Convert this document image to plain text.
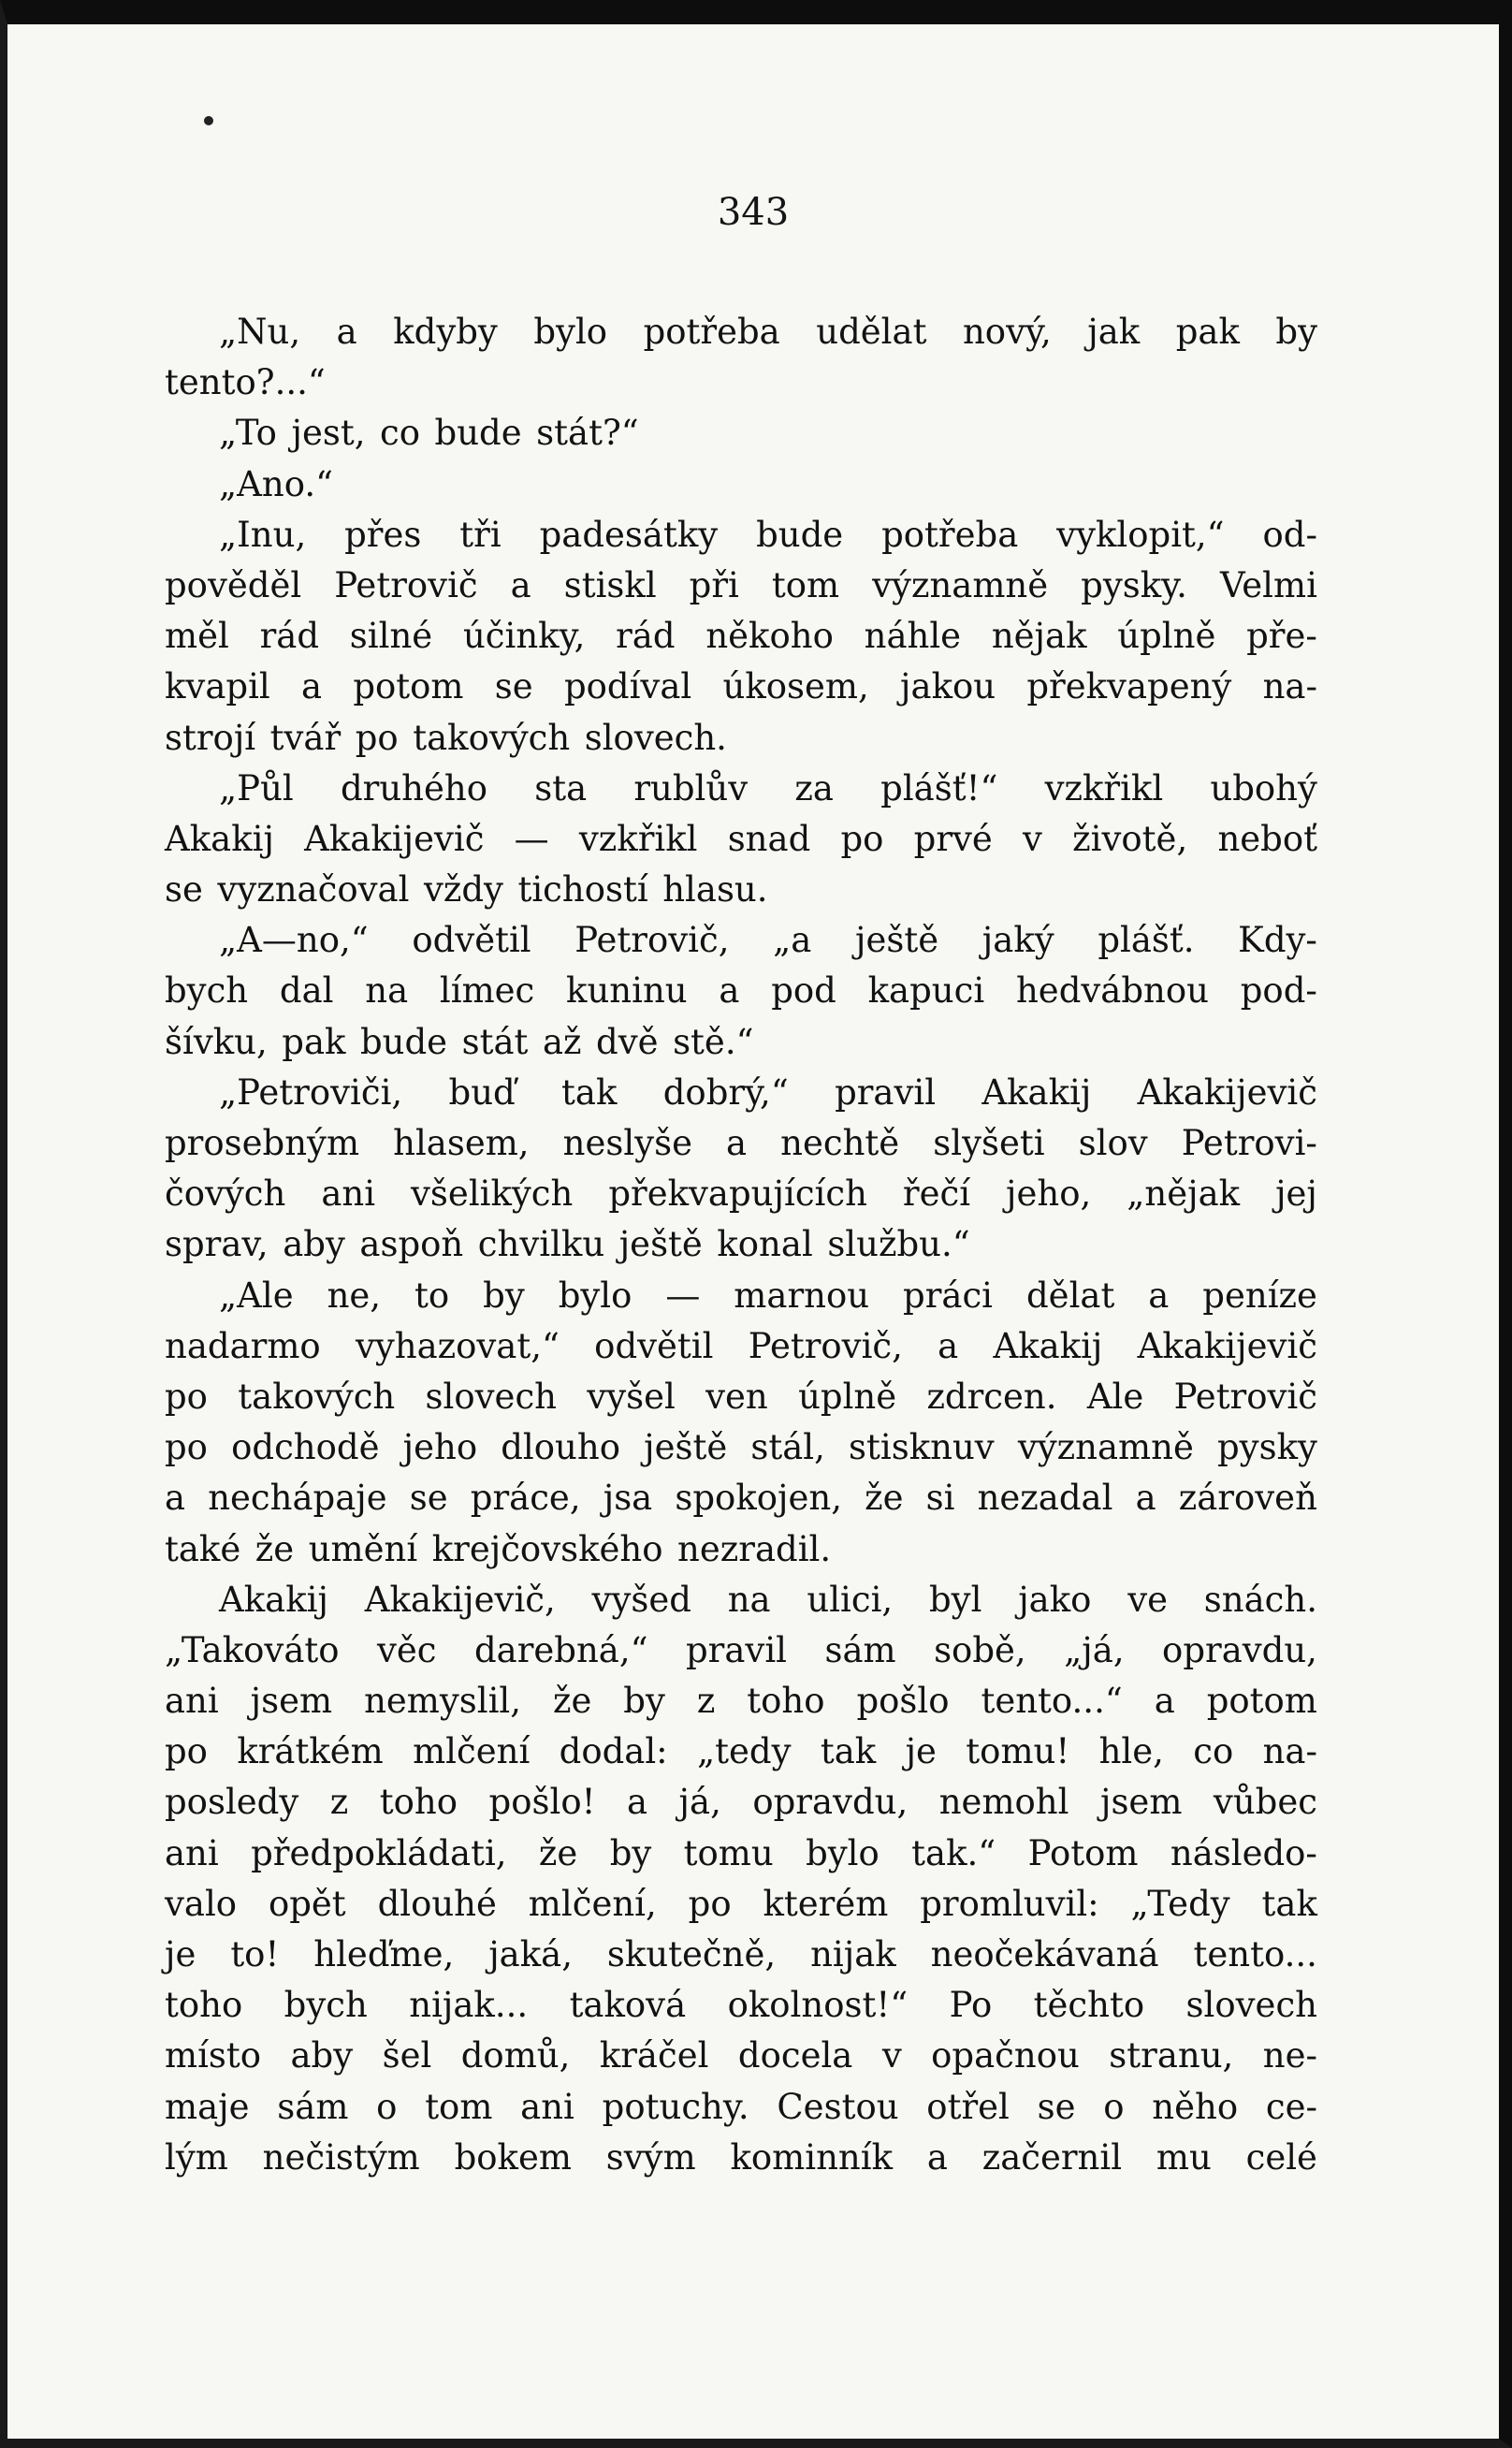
343

„Nu, a kdyby bylo potřeba udělat nový, jak pak by
tento?...“
„To jest, co bude stát?“
„Ano.“
„Inu, přes tři padesátky bude potřeba vyklopit,“ od-
pověděl Petrovič a stiskl při tom významně pysky. Velmi
měl rád silné účinky, rád někoho náhle nějak úplně pře-
kvapil a potom se podíval úkosem, jakou překvapený na-
strojí tvář po takových slovech.
„Půl druhého sta rublův za plášť!“ vzkřikl ubohý
Akakij Akakijevič — vzkřikl snad po prvé v životě, neboť
se vyznačoval vždy tichostí hlasu.
„A—no,“ odvětil Petrovič, „a ještě jaký plášť. Kdy-
bych dal na límec kuninu a pod kapuci hedvábnou pod-
šívku, pak bude stát až dvě stě.“
„Petroviči, buď tak dobrý,“ pravil Akakij Akakijevič
prosebným hlasem, neslyše a nechtě slyšeti slov Petrovi-
čových ani všelikých překvapujících řečí jeho, „nějak jej
sprav, aby aspoň chvilku ještě konal službu.“
„Ale ne, to by bylo — marnou práci dělat a peníze
nadarmo vyhazovat,“ odvětil Petrovič, a Akakij Akakijevič
po takových slovech vyšel ven úplně zdrcen. Ale Petrovič
po odchodě jeho dlouho ještě stál, stisknuv významně pysky
a nechápaje se práce, jsa spokojen, že si nezadal a zároveň
také že umění krejčovského nezradil.
Akakij Akakijevič, vyšed na ulici, byl jako ve snách.
„Takováto věc darebná,“ pravil sám sobě, „já, opravdu,
ani jsem nemyslil, že by z toho pošlo tento...“ a potom
po krátkém mlčení dodal: „tedy tak je tomu! hle, co na-
posledy z toho pošlo! a já, opravdu, nemohl jsem vůbec
ani předpokládati, že by tomu bylo tak.“ Potom následo-
valo opět dlouhé mlčení, po kterém promluvil: „Tedy tak
je to! hleďme, jaká, skutečně, nijak neočekávaná tento...
toho bych nijak... taková okolnost!“ Po těchto slovech
místo aby šel domů, kráčel docela v opačnou stranu, ne-
maje sám o tom ani potuchy. Cestou otřel se o něho ce-
lým nečistým bokem svým kominník a začernil mu celé
